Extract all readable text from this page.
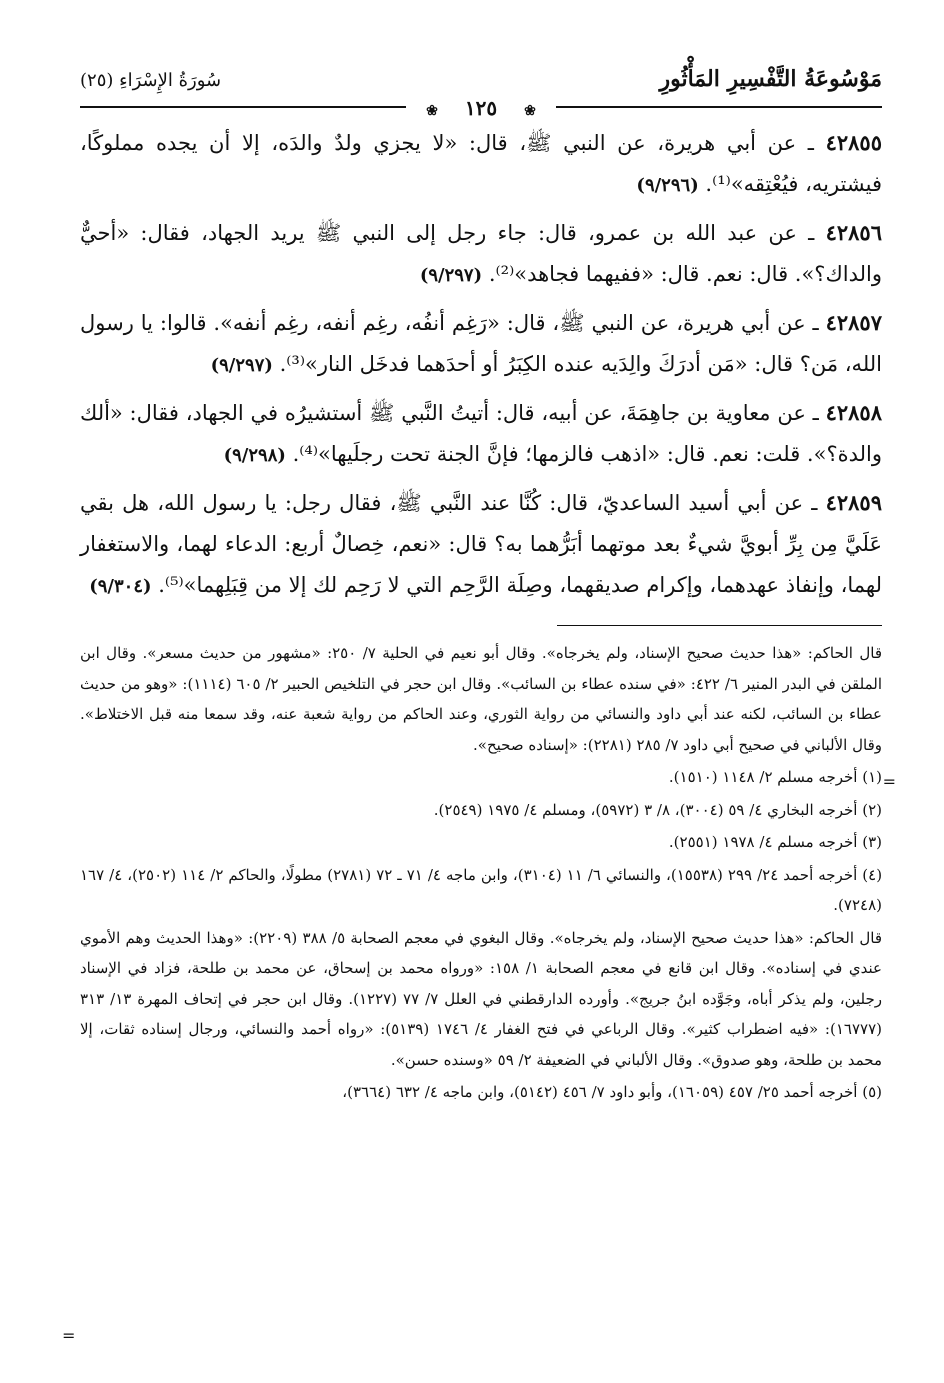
مَوْسُوعَةُ التَّفْسِيرِ المَأْثُورِ
سُورَةُ الإِسْرَاءِ (٢٥)
❀ ١٢٥ ❀

٤٢٨٥٥ ـ عن أبي هريرة، عن النبي ﷺ، قال: «لا يجزي ولدٌ والدَه، إلا أن يجده مملوكًا، فيشتريه، فيُعْتِقه»⁽¹⁾. (٩/٢٩٦)

٤٢٨٥٦ ـ عن عبد الله بن عمرو، قال: جاء رجل إلى النبي ﷺ يريد الجهاد، فقال: «أحيٌّ والداك؟». قال: نعم. قال: «ففيهما فجاهد»⁽²⁾. (٩/٢٩٧)

٤٢٨٥٧ ـ عن أبي هريرة، عن النبي ﷺ، قال: «رَغِم أنفُه، رغِم أنفه، رغِم أنفه». قالوا: يا رسول الله، مَن؟ قال: «مَن أدرَكَ والِدَيه عنده الكِبَرُ أو أحدَهما فدخَل النار»⁽³⁾. (٩/٢٩٧)

٤٢٨٥٨ ـ عن معاوية بن جاهِمَةَ، عن أبيه، قال: أتيتُ النَّبي ﷺ أستشيرُه في الجهاد، فقال: «ألك والدة؟». قلت: نعم. قال: «اذهب فالزمها؛ فإنَّ الجنة تحت رجلَيها»⁽⁴⁾. (٩/٢٩٨)

٤٢٨٥٩ ـ عن أبي أسيد الساعديّ، قال: كُنَّا عند النَّبي ﷺ، فقال رجل: يا رسول الله، هل بقي عَلَيَّ مِن بِرِّ أبويَّ شيءٌ بعد موتهما أبَرُّهما به؟ قال: «نعم، خِصالٌ أربع: الدعاء لهما، والاستغفار لهما، وإنفاذ عهدهما، وإكرام صديقهما، وصِلَة الرَّحِم التي لا رَحِم لك إلا من قِبَلِهما»⁽⁵⁾. (٩/٣٠٤)

قال الحاكم: «هذا حديث صحيح الإسناد، ولم يخرجاه». وقال أبو نعيم في الحلية ٧/ ٢٥٠: «مشهور من حديث مسعر». وقال ابن الملقن في البدر المنير ٦/ ٤٢٢: «في سنده عطاء بن السائب». وقال ابن حجر في التلخيص الحبير ٢/ ٦٠٥ (١١١٤): «وهو من حديث عطاء بن السائب، لكنه عند أبي داود والنسائي من رواية الثوري، وعند الحاكم من رواية شعبة عنه، وقد سمعا منه قبل الاختلاط». وقال الألباني في صحيح أبي داود ٧/ ٢٨٥ (٢٢٨١): «إسناده صحيح».

(١) أخرجه مسلم ٢/ ١١٤٨ (١٥١٠).

(٢) أخرجه البخاري ٤/ ٥٩ (٣٠٠٤)، ٨/ ٣ (٥٩٧٢)، ومسلم ٤/ ١٩٧٥ (٢٥٤٩).

(٣) أخرجه مسلم ٤/ ١٩٧٨ (٢٥٥١).

(٤) أخرجه أحمد ٢٤/ ٢٩٩ (١٥٥٣٨)، والنسائي ٦/ ١١ (٣١٠٤)، وابن ماجه ٤/ ٧١ ـ ٧٢ (٢٧٨١) مطولًا، والحاكم ٢/ ١١٤ (٢٥٠٢)، ٤/ ١٦٧ (٧٢٤٨).

قال الحاكم: «هذا حديث صحيح الإسناد، ولم يخرجاه». وقال البغوي في معجم الصحابة ٥/ ٣٨٨ (٢٢٠٩): «وهذا الحديث وهم الأموي عندي في إسناده». وقال ابن قانع في معجم الصحابة ١/ ١٥٨: «ورواه محمد بن إسحاق، عن محمد بن طلحة، فزاد في الإسناد رجلين، ولم يذكر أباه، وجَوَّده ابنُ جريج». وأورده الدارقطني في العلل ٧/ ٧٧ (١٢٢٧). وقال ابن حجر في إتحاف المهرة ١٣/ ٣١٣ (١٦٧٧٧): «فيه اضطراب كثير». وقال الرباعي في فتح الغفار ٤/ ١٧٤٦ (٥١٣٩): «رواه أحمد والنسائي، ورجال إسناده ثقات، إلا محمد بن طلحة، وهو صدوق». وقال الألباني في الضعيفة ٢/ ٥٩ «وسنده حسن».

(٥) أخرجه أحمد ٢٥/ ٤٥٧ (١٦٠٥٩)، وأبو داود ٧/ ٤٥٦ (٥١٤٢)، وابن ماجه ٤/ ٦٣٢ (٣٦٦٤)،

=
=
